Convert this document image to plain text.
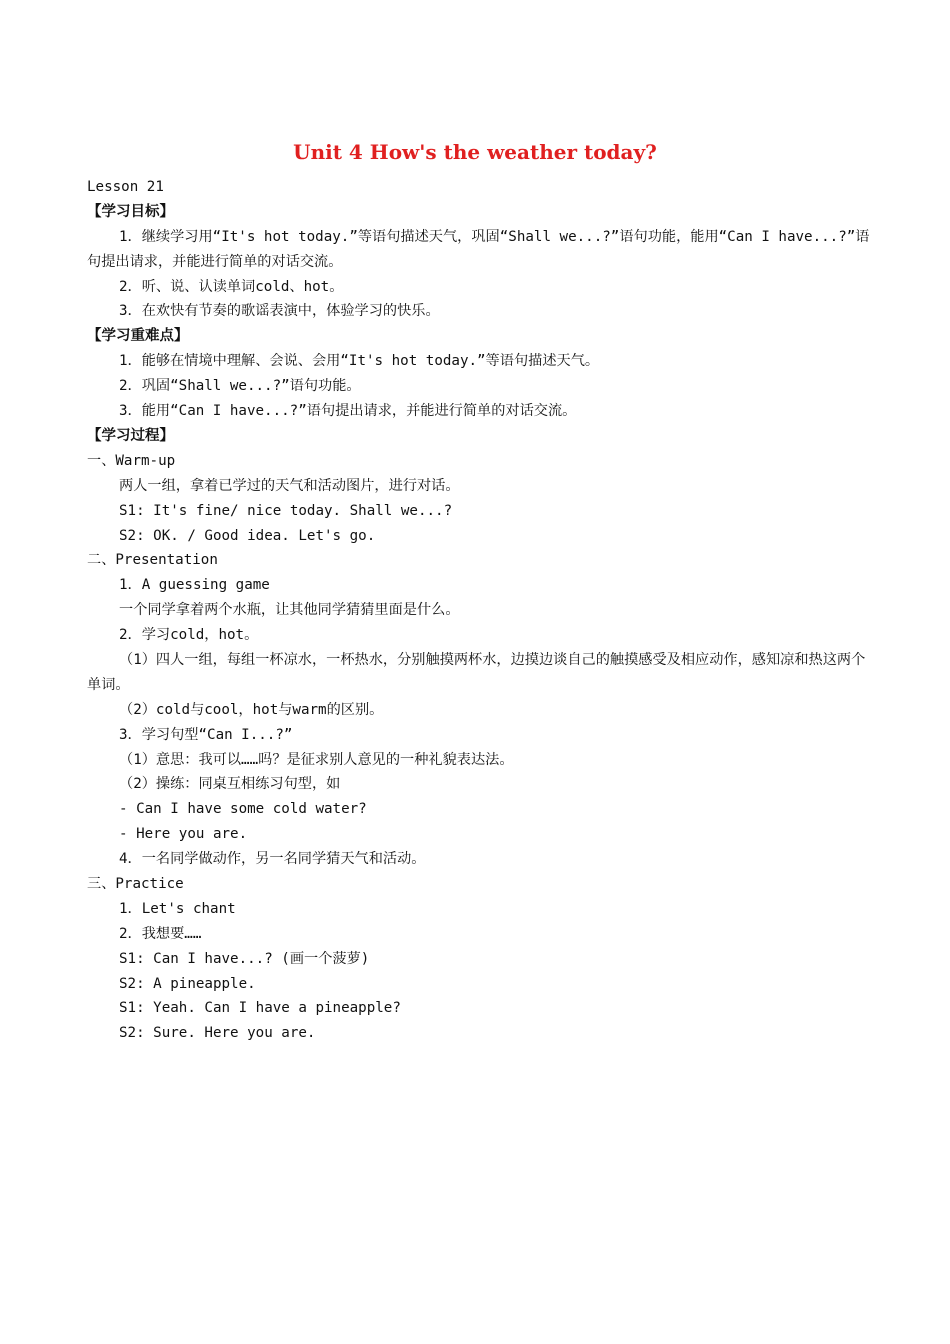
Unit 4 How's the weather today?
Lesson 21
【学习目标】
1．继续学习用“It's hot today.”等语句描述天气，巩固“Shall we...?”语句功能，能用“Can I have...?”语句提出请求，并能进行简单的对话交流。
2．听、说、认读单词cold、hot。
3．在欢快有节奏的歌谣表演中，体验学习的快乐。
【学习重难点】
1．能够在情境中理解、会说、会用“It's hot today.”等语句描述天气。
2．巩固“Shall we...?”语句功能。
3．能用“Can I have...?”语句提出请求，并能进行简单的对话交流。
【学习过程】
一、Warm-up
两人一组，拿着已学过的天气和活动图片，进行对话。
S1: It's fine/ nice today. Shall we...?
S2: OK. / Good idea. Let's go.
二、Presentation
1．A guessing game
一个同学拿着两个水瓶，让其他同学猜猜里面是什么。
2．学习cold，hot。
（1）四人一组，每组一杯凉水，一杯热水，分别触摸两杯水，边摸边谈自己的触摸感受及相应动作，感知凉和热这两个单词。
（2）cold与cool，hot与warm的区别。
3．学习句型“Can I...?”
（1）意思：我可以……吗？是征求别人意见的一种礼貌表达法。
（2）操练：同桌互相练习句型，如
- Can I have some cold water?
- Here you are.
4．一名同学做动作，另一名同学猜天气和活动。
三、Practice
1．Let's chant
2．我想要……
S1: Can I have...? (画一个菠萝)
S2: A pineapple.
S1: Yeah. Can I have a pineapple?
S2: Sure. Here you are.
